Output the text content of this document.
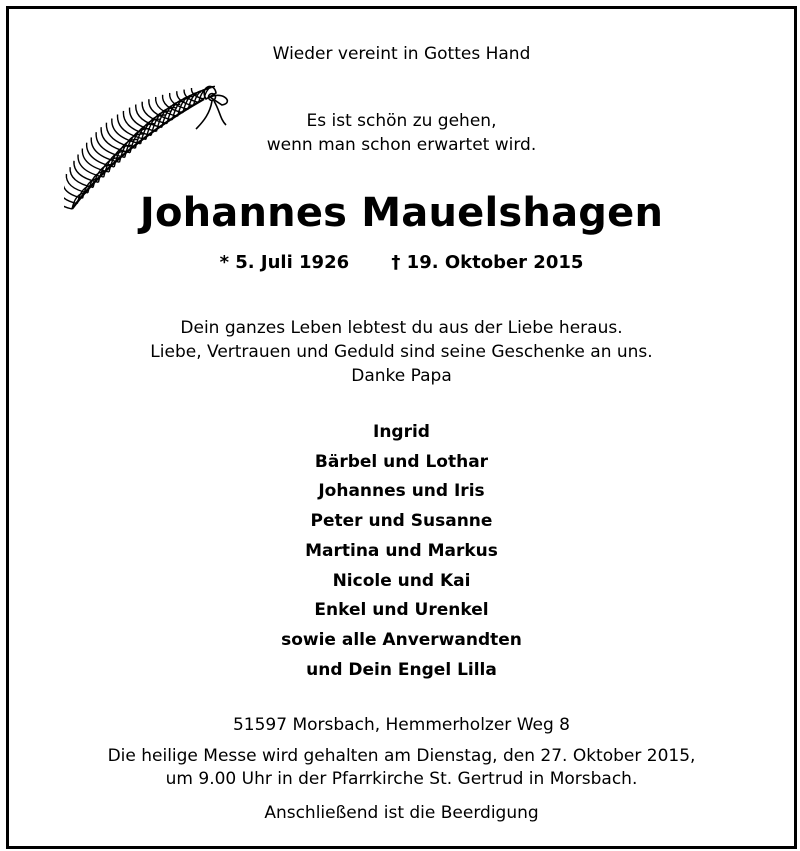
Wieder vereint in Gottes Hand
Es ist schön zu gehen,
wenn man schon erwartet wird.
Johannes Mauelshagen
* 5. Juli 1926 † 19. Oktober 2015
Dein ganzes Leben lebtest du aus der Liebe heraus.
Liebe, Vertrauen und Geduld sind seine Geschenke an uns.
Danke Papa
Ingrid
Bärbel und Lothar
Johannes und Iris
Peter und Susanne
Martina und Markus
Nicole und Kai
Enkel und Urenkel
sowie alle Anverwandten
und Dein Engel Lilla
51597 Morsbach, Hemmerholzer Weg 8
Die heilige Messe wird gehalten am Dienstag, den 27. Oktober 2015,
um 9.00 Uhr in der Pfarrkirche St. Gertrud in Morsbach.
Anschließend ist die Beerdigung
